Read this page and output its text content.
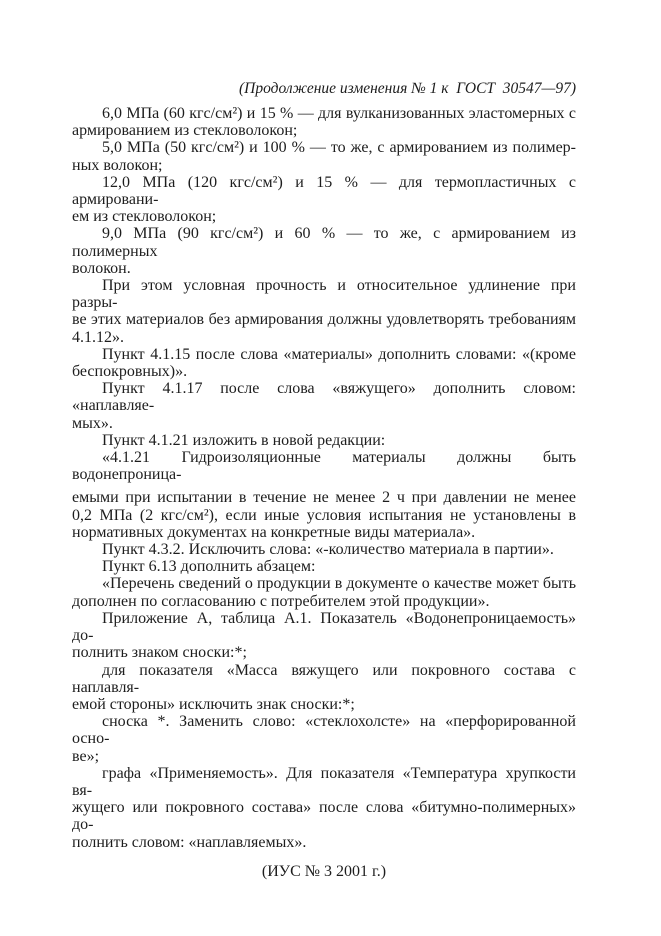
(Продолжение изменения № 1 к  ГОСТ  30547—97)
6,0 МПа (60 кгс/см²) и 15 % — для вулканизованных эластомерных с
армированием из стекловолокон;
5,0 МПа (50 кгс/см²) и 100 % — то же, с армированием из полимер-
ных волокон;
12,0 МПа (120 кгс/см²) и 15 % — для термопластичных с армировани-
ем из стекловолокон;
9,0 МПа (90 кгс/см²) и 60 % — то же, с армированием из полимерных
волокон.
При этом условная прочность и относительное удлинение при разры-
ве этих материалов без армирования должны удовлетворять требованиям
4.1.12».
Пункт 4.1.15 после слова «материалы» дополнить словами: «(кроме
беспокровных)».
Пункт 4.1.17 после слова «вяжущего» дополнить словом: «наплавляе-
мых».
Пункт 4.1.21 изложить в новой редакции:
«4.1.21 Гидроизоляционные материалы должны быть водонепроница-
емыми при испытании в течение не менее 2 ч при давлении не менее
0,2 МПа (2 кгс/см²), если иные условия испытания не установлены в
нормативных документах на конкретные виды материала».
Пункт 4.3.2. Исключить слова: «-количество материала в партии».
Пункт 6.13 дополнить абзацем:
«Перечень сведений о продукции в документе о качестве может быть
дополнен по согласованию с потребителем этой продукции».
Приложение А, таблица А.1. Показатель «Водонепроницаемость» до-
полнить знаком сноски:*;
для показателя «Масса вяжущего или покровного состава с наплавля-
емой стороны» исключить знак сноски:*;
сноска *. Заменить слово: «стеклохолсте» на «перфорированной осно-
ве»;
графа «Применяемость». Для показателя «Температура хрупкости вя-
жущего или покровного состава» после слова «битумно-полимерных» до-
полнить словом: «наплавляемых».
(ИУС № 3 2001 г.)
